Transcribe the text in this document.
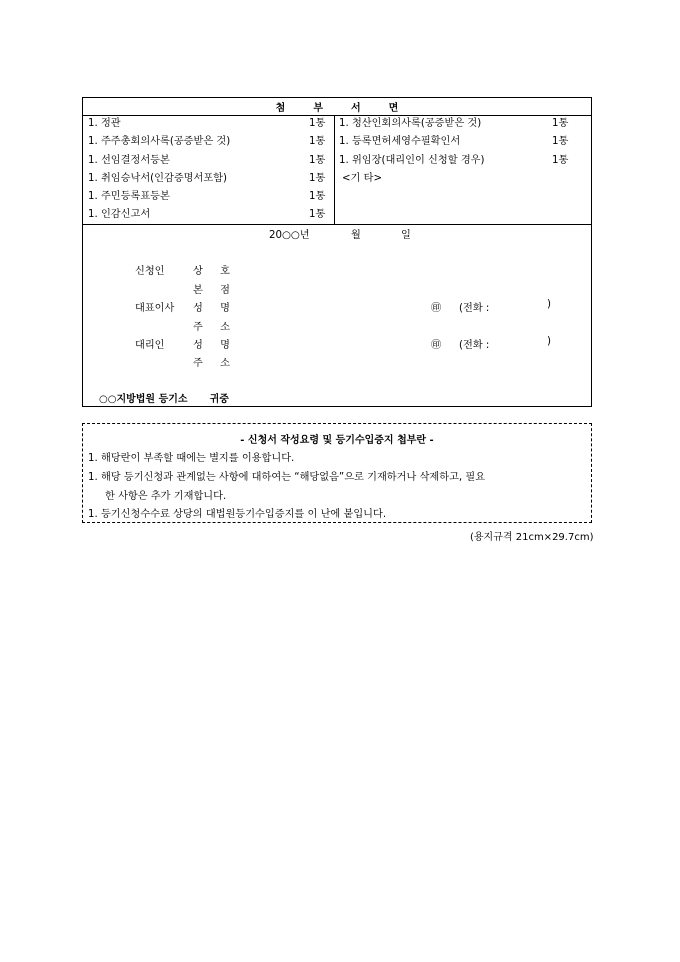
첨	부	서	면
1. 정관	1통
1. 주주총회의사록(공증받은 것)	1통
1. 선임결정서등본	1통
1. 취임승낙서(인감증명서포함)	1통
1. 주민등록표등본	1통
1. 인감신고서	1통
1. 청산인회의사록(공증받은 것)	1통
1. 등록면허세영수필확인서	1통
1. 위임장(대리인이 신청할 경우)	1통
<기 타>
20○○년	월	일
신청인	상 호
본 점
대표이사 성 명	㊞ (전화 :	)
주 소
대리인	성 명	㊞ (전화 :	)
주 소
○○지방법원 등기소 귀중
- 신청서 작성요령 및 등기수입증지 첩부란 -
1. 해당란이 부족할 때에는 별지를 이용합니다.
1. 해당 등기신청과 관계없는 사항에 대하여는 “해당없음”으로 기재하거나 삭제하고, 필요
한 사항은 추가 기재합니다.
1. 등기신청수수료 상당의 대법원등기수입증지를 이 난에 붙입니다.
(용지규격 21cm×29.7cm)
